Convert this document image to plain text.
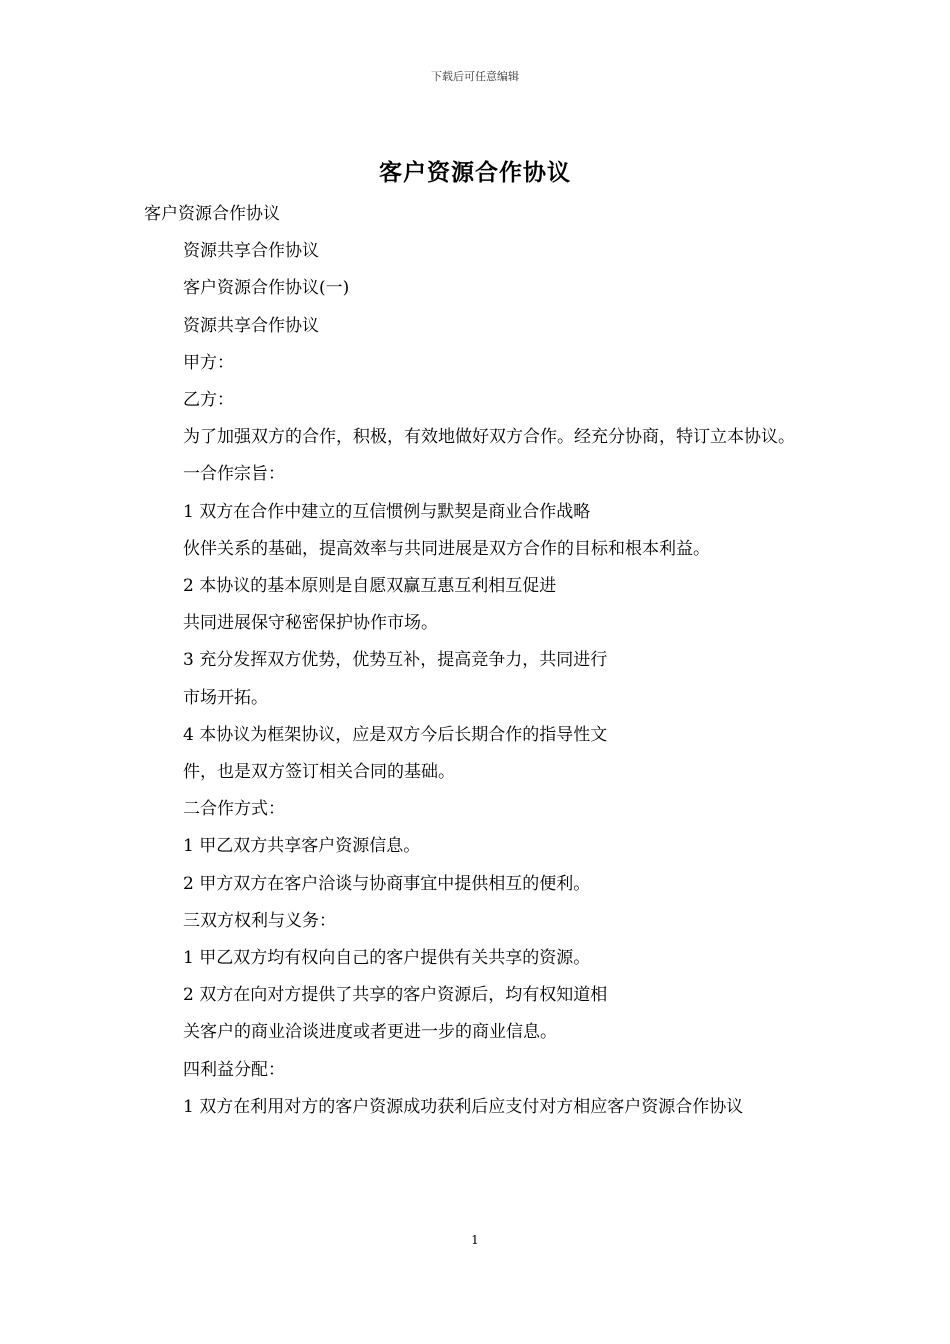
下载后可任意编辑
客户资源合作协议

客户资源合作协议

资源共享合作协议

客户资源合作协议(一)

资源共享合作协议

甲方：

乙方：

为了加强双方的合作，积极，有效地做好双方合作。经充分协商，特订立本协议。

一合作宗旨：

1 双方在合作中建立的互信惯例与默契是商业合作战略

伙伴关系的基础，提高效率与共同进展是双方合作的目标和根本利益。

2 本协议的基本原则是自愿双赢互惠互利相互促进

共同进展保守秘密保护协作市场。

3 充分发挥双方优势，优势互补，提高竞争力，共同进行

市场开拓。

4 本协议为框架协议，应是双方今后长期合作的指导性文

件，也是双方签订相关合同的基础。

二合作方式：

1 甲乙双方共享客户资源信息。

2 甲方双方在客户洽谈与协商事宜中提供相互的便利。

三双方权利与义务：

1 甲乙双方均有权向自己的客户提供有关共享的资源。

2 双方在向对方提供了共享的客户资源后，均有权知道相

关客户的商业洽谈进度或者更进一步的商业信息。

四利益分配：

1 双方在利用对方的客户资源成功获利后应支付对方相应客户资源合作协议

1
